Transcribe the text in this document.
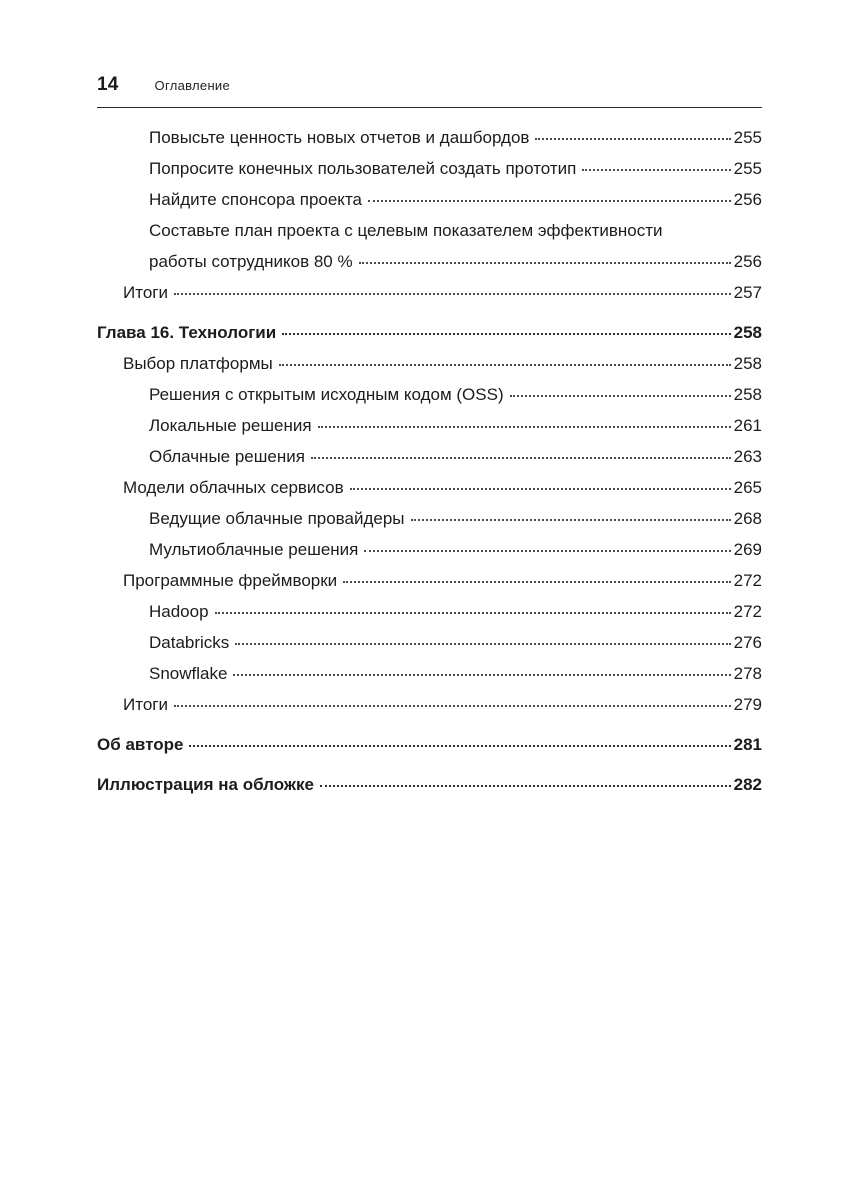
14	Оглавление
Повысьте ценность новых отчетов и дашбордов	255
Попросите конечных пользователей создать прототип	255
Найдите спонсора проекта	256
Составьте план проекта с целевым показателем эффективности
работы сотрудников 80 %	256
Итоги	257
Глава 16. Технологии	258
Выбор платформы	258
Решения с открытым исходным кодом (OSS)	258
Локальные решения	261
Облачные решения	263
Модели облачных сервисов	265
Ведущие облачные провайдеры	268
Мультиоблачные решения	269
Программные фреймворки	272
Hadoop	272
Databricks	276
Snowflake	278
Итоги	279
Об авторе	281
Иллюстрация на обложке	282
